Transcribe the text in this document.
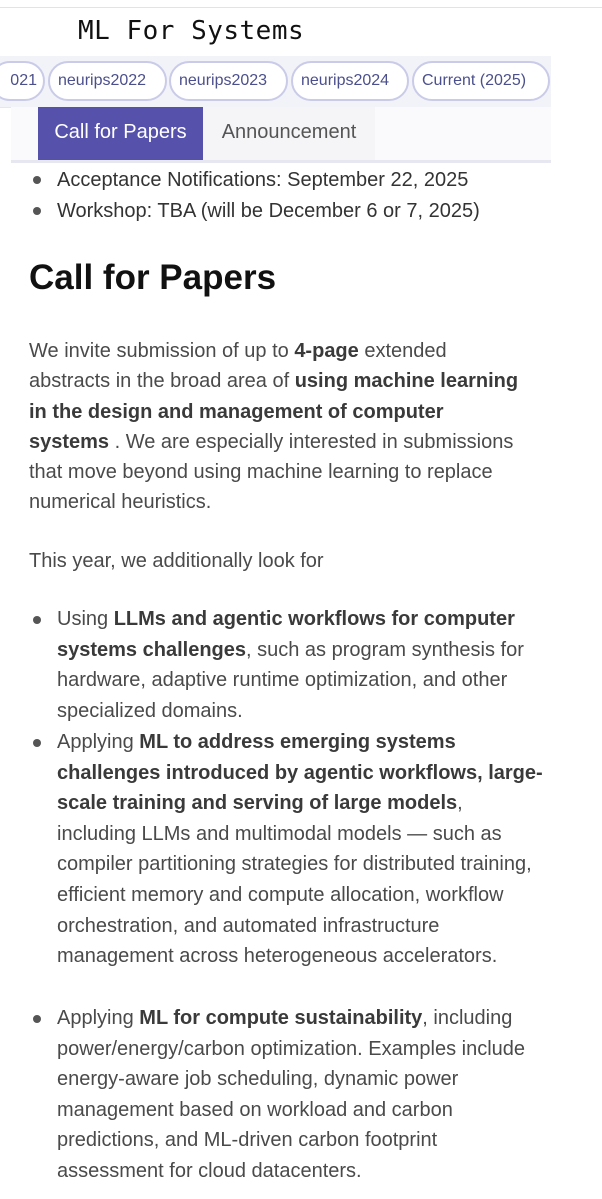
ML For Systems
021	neurips2022	neurips2023	neurips2024	Current (2025)
Call for Papers	Announcement
Acceptance Notifications: September 22, 2025
Workshop: TBA (will be December 6 or 7, 2025)
Call for Papers

We invite submission of up to 4-page extended abstracts in the broad area of using machine learning in the design and management of computer systems . We are especially interested in submissions that move beyond using machine learning to replace numerical heuristics.

This year, we additionally look for

Using LLMs and agentic workflows for computer systems challenges, such as program synthesis for hardware, adaptive runtime optimization, and other specialized domains.

Applying ML to address emerging systems challenges introduced by agentic workflows, large-scale training and serving of large models, including LLMs and multimodal models — such as compiler partitioning strategies for distributed training, efficient memory and compute allocation, workflow orchestration, and automated infrastructure management across heterogeneous accelerators.

Applying ML for compute sustainability, including power/energy/carbon optimization. Examples include energy-aware job scheduling, dynamic power management based on workload and carbon predictions, and ML-driven carbon footprint assessment for cloud datacenters.
